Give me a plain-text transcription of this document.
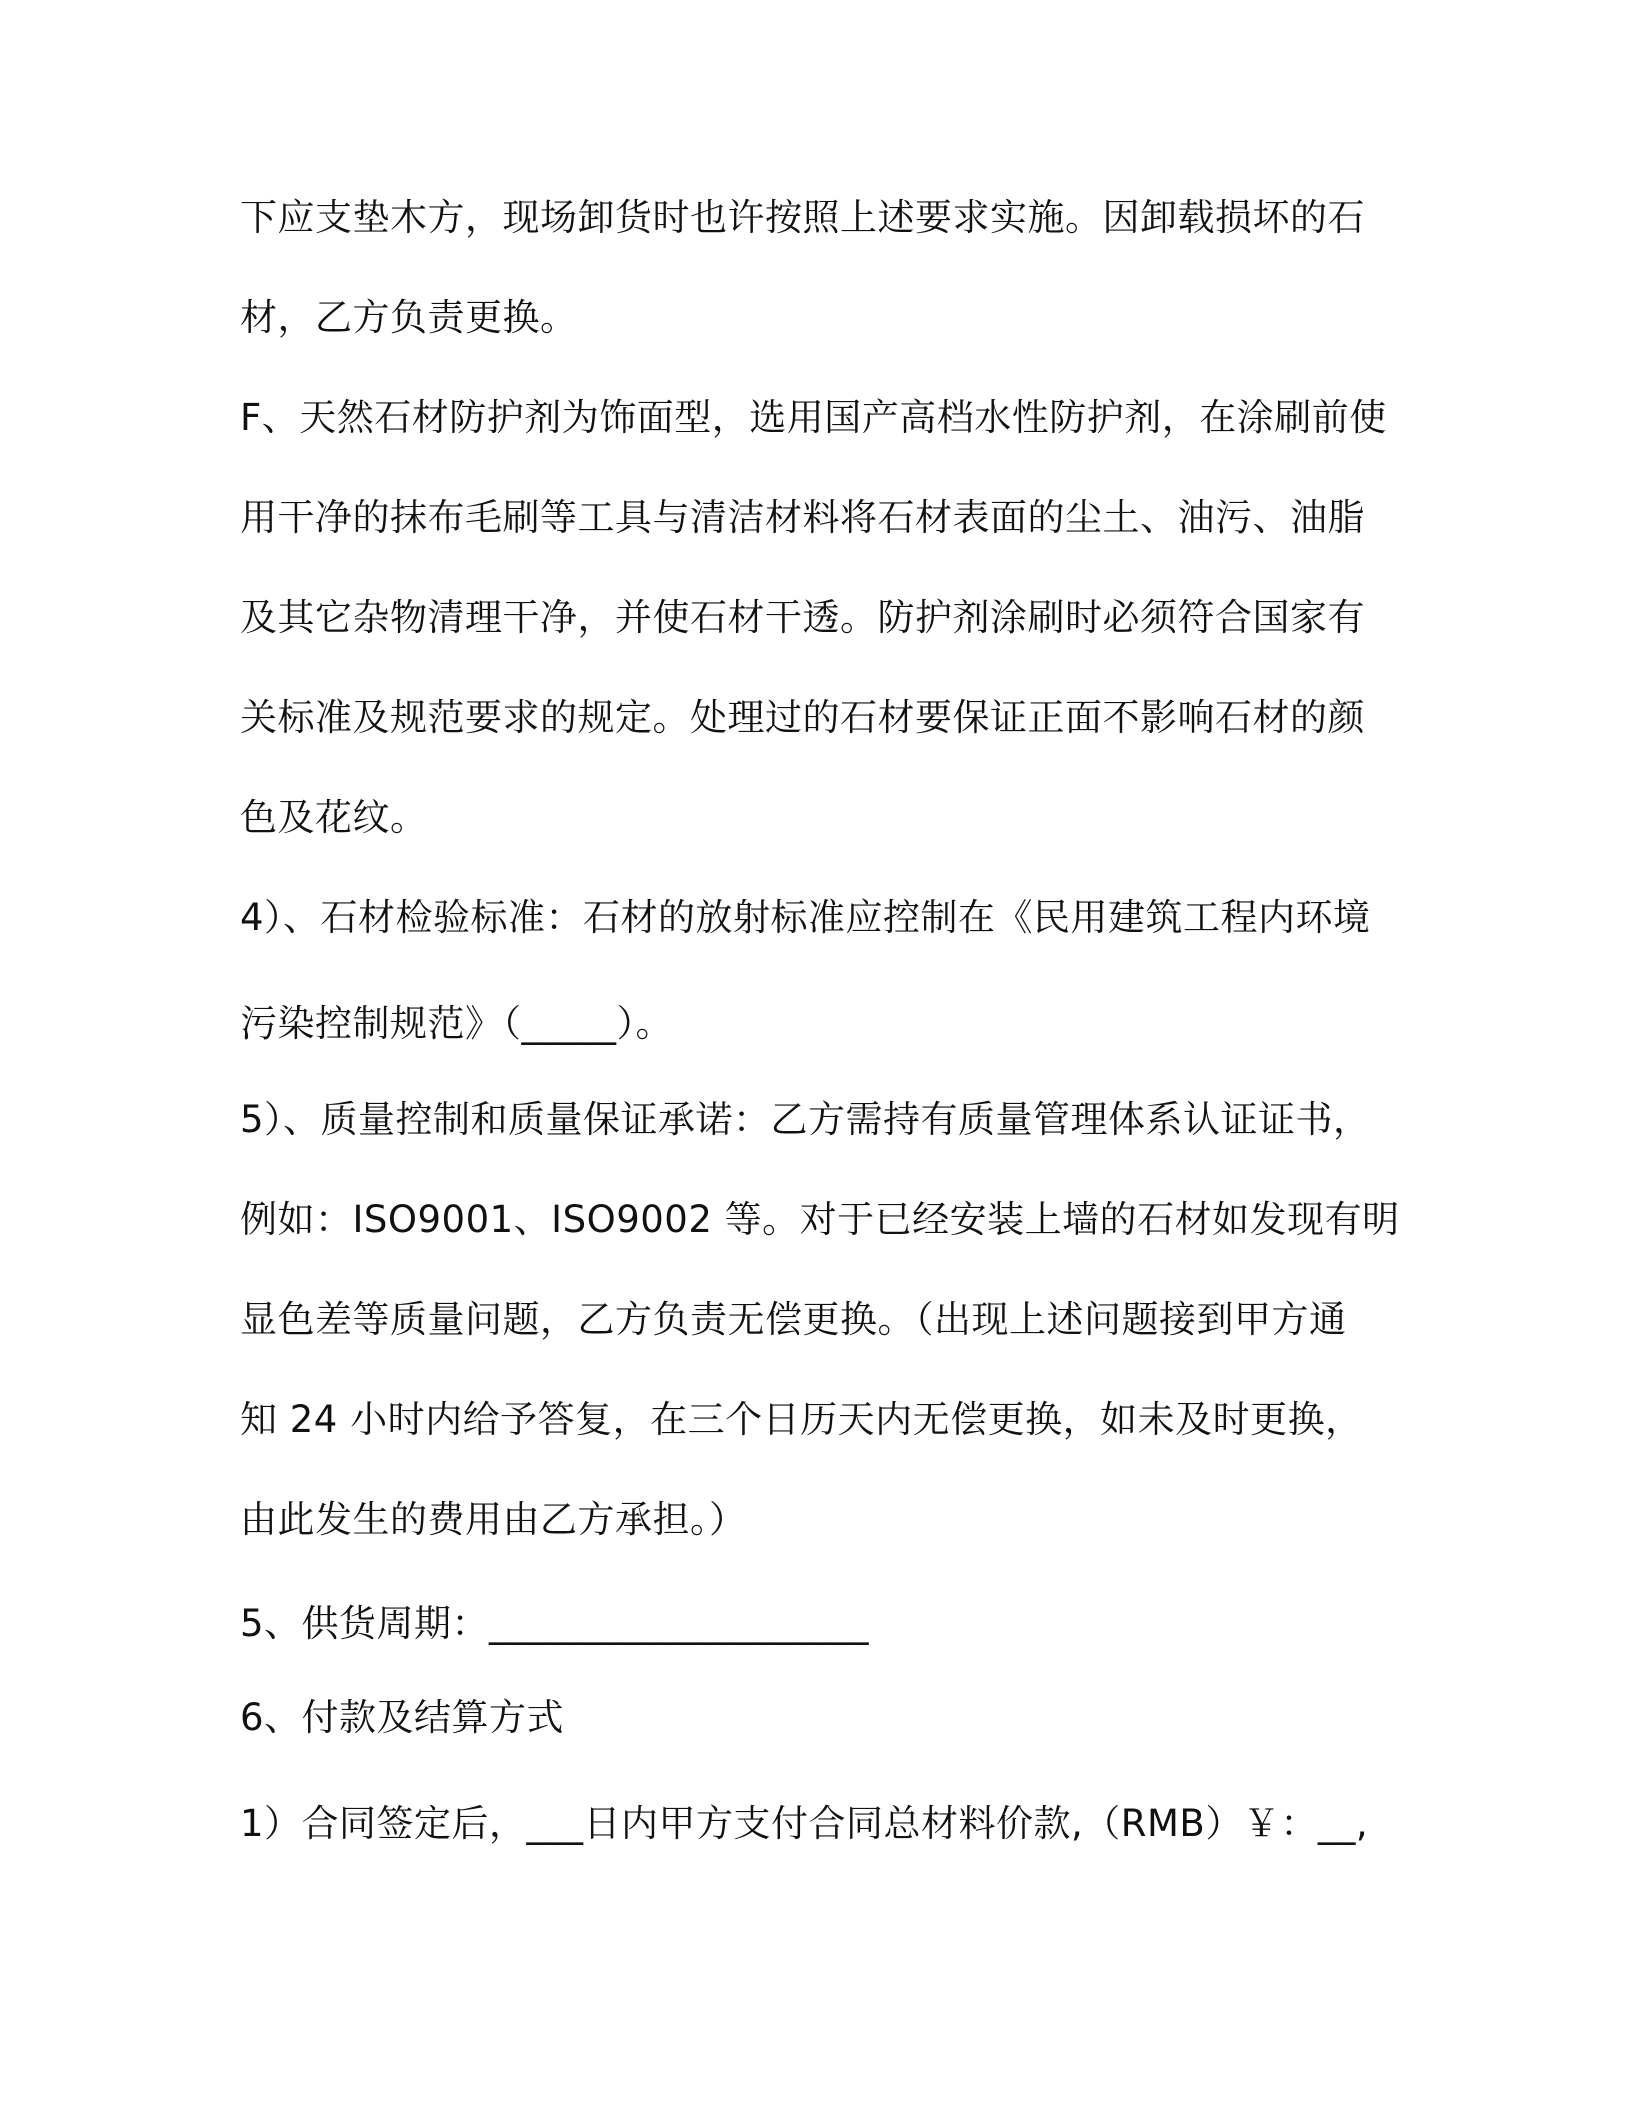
下应支垫木方，现场卸货时也许按照上述要求实施。因卸载损坏的石
材，乙方负责更换。
F、天然石材防护剂为饰面型，选用国产高档水性防护剂，在涂刷前使
用干净的抹布毛刷等工具与清洁材料将石材表面的尘土、油污、油脂
及其它杂物清理干净，并使石材干透。防护剂涂刷时必须符合国家有
关标准及规范要求的规定。处理过的石材要保证正面不影响石材的颜
色及花纹。
4）、石材检验标准：石材的放射标准应控制在《民用建筑工程内环境
污染控制规范》（_____）。
5）、质量控制和质量保证承诺：乙方需持有质量管理体系认证证书，
例如：ISO9001、ISO9002 等。对于已经安装上墙的石材如发现有明
显色差等质量问题，乙方负责无偿更换。（出现上述问题接到甲方通
知 24 小时内给予答复，在三个日历天内无偿更换，如未及时更换，
由此发生的费用由乙方承担。）
5、供货周期：____________________
6、付款及结算方式
1）合同签定后，___日内甲方支付合同总材料价款,（RMB）￥：__,
